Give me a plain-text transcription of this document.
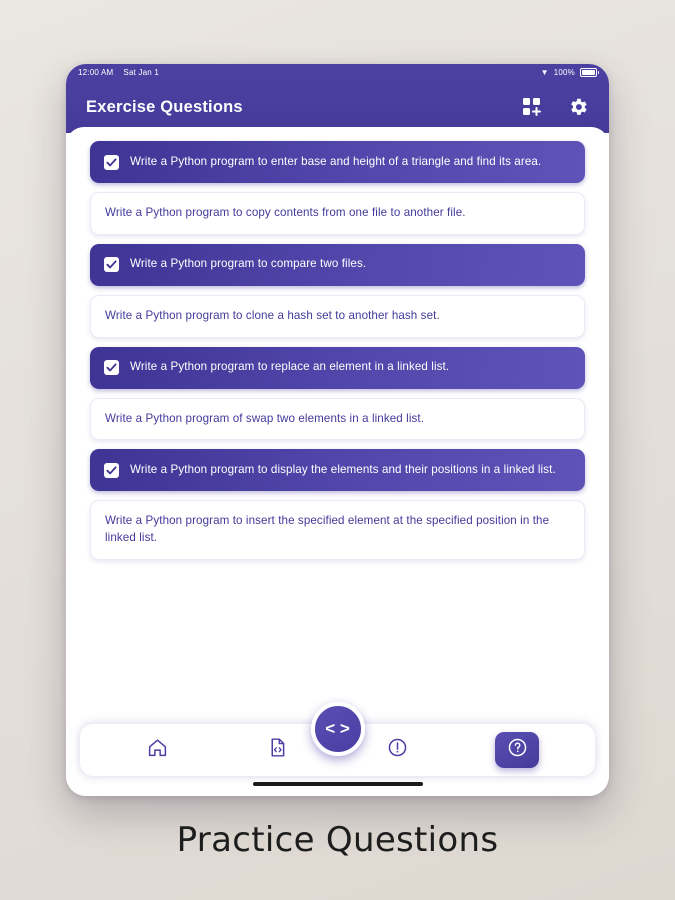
12:00 AM Sat Jan 1	▼ 100%
Exercise Questions
Write a Python program to enter base and height of a triangle and find its area.
Write a Python program to copy contents from one file to another file.
Write a Python program to compare two files.
Write a Python program to clone a hash set to another hash set.
Write a Python program to replace an element in a linked list.
Write a Python program of swap two elements in a linked list.
Write a Python program to display the elements and their positions in a linked list.
Write a Python program to insert the specified element at the specified position in the linked list.
< >
Practice Questions
